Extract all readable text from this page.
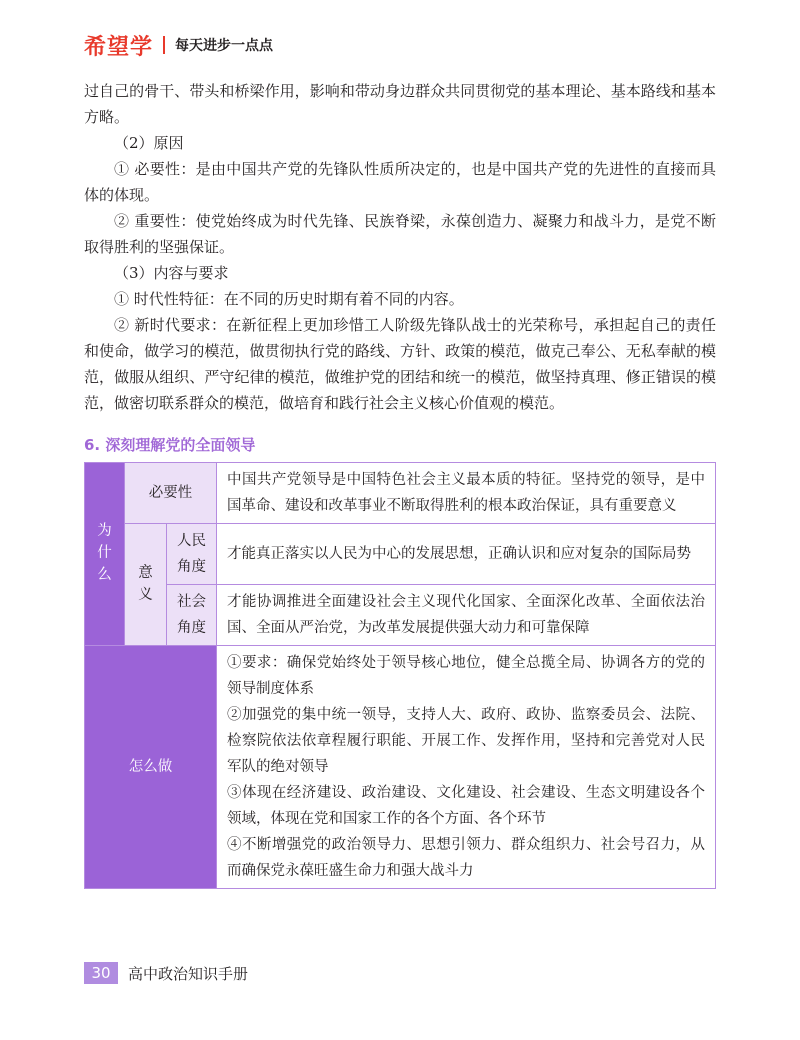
希望学 每天进步一点点

过自己的骨干、带头和桥梁作用，影响和带动身边群众共同贯彻党的基本理论、基本路线和基本方略。

（2）原因

① 必要性：是由中国共产党的先锋队性质所决定的，也是中国共产党的先进性的直接而具体的体现。

② 重要性：使党始终成为时代先锋、民族脊梁，永葆创造力、凝聚力和战斗力，是党不断取得胜利的坚强保证。

（3）内容与要求

① 时代性特征：在不同的历史时期有着不同的内容。

② 新时代要求：在新征程上更加珍惜工人阶级先锋队战士的光荣称号，承担起自己的责任和使命，做学习的模范，做贯彻执行党的路线、方针、政策的模范，做克己奉公、无私奉献的模范，做服从组织、严守纪律的模范，做维护党的团结和统一的模范，做坚持真理、修正错误的模范，做密切联系群众的模范，做培育和践行社会主义核心价值观的模范。

6. 深刻理解党的全面领导
为什么	必要性		中国共产党领导是中国特色社会主义最本质的特征。坚持党的领导，是中国革命、建设和改革事业不断取得胜利的根本政治保证，具有重要意义
	意义	人民角度	才能真正落实以人民为中心的发展思想，正确认识和应对复杂的国际局势
		社会角度	才能协调推进全面建设社会主义现代化国家、全面深化改革、全面依法治国、全面从严治党，为改革发展提供强大动力和可靠保障
怎么做			①要求：确保党始终处于领导核心地位，健全总揽全局、协调各方的党的领导制度体系
②加强党的集中统一领导，支持人大、政府、政协、监察委员会、法院、检察院依法依章程履行职能、开展工作、发挥作用，坚持和完善党对人民军队的绝对领导
③体现在经济建设、政治建设、文化建设、社会建设、生态文明建设各个领域，体现在党和国家工作的各个方面、各个环节
④不断增强党的政治领导力、思想引领力、群众组织力、社会号召力，从而确保党永葆旺盛生命力和强大战斗力
30	高中政治知识手册
